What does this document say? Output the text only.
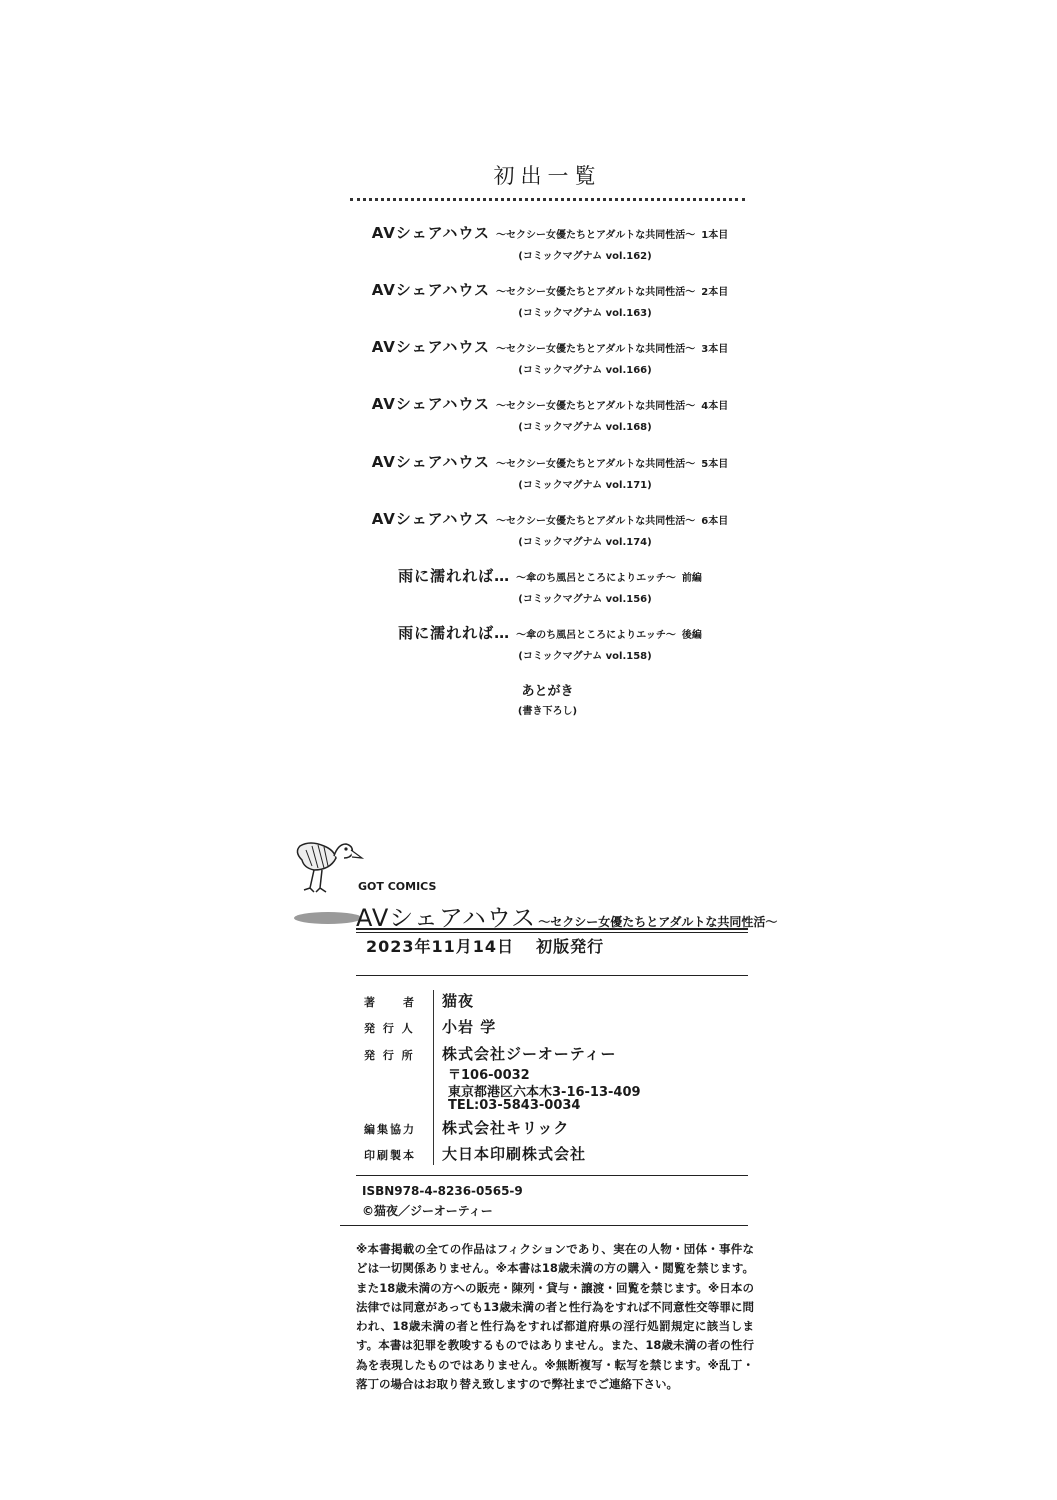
初出一覧
AVシェアハウス ～セクシー女優たちとアダルトな共同性活～ 1本目
(コミックマグナム vol.162)
AVシェアハウス ～セクシー女優たちとアダルトな共同性活～ 2本目
(コミックマグナム vol.163)
AVシェアハウス ～セクシー女優たちとアダルトな共同性活～ 3本目
(コミックマグナム vol.166)
AVシェアハウス ～セクシー女優たちとアダルトな共同性活～ 4本目
(コミックマグナム vol.168)
AVシェアハウス ～セクシー女優たちとアダルトな共同性活～ 5本目
(コミックマグナム vol.171)
AVシェアハウス ～セクシー女優たちとアダルトな共同性活～ 6本目
(コミックマグナム vol.174)
雨に濡れれば… ～傘のち風呂ところによりエッチ～ 前編
(コミックマグナム vol.156)
雨に濡れれば… ～傘のち風呂ところによりエッチ～ 後編
(コミックマグナム vol.158)
あとがき
(書き下ろし)
GOT COMICS
AVシェアハウス ～セクシー女優たちとアダルトな共同性活～
2023年11月14日 初版発行
著　　者	猫夜
発 行 人	小岩 学
発 行 所	株式会社ジーオーティー
〒106-0032
東京都港区六本木3-16-13-409
TEL:03-5843-0034
編集協力	株式会社キリック
印刷製本	大日本印刷株式会社
ISBN978-4-8236-0565-9
©猫夜／ジーオーティー
※本書掲載の全ての作品はフィクションであり、実在の人物・団体・事件などは一切関係ありません。※本書は18歳未満の方の購入・閲覧を禁じます。また18歳未満の方への販売・陳列・貸与・譲渡・回覧を禁じます。※日本の法律では同意があっても13歳未満の者と性行為をすれば不同意性交等罪に問われ、18歳未満の者と性行為をすれば都道府県の淫行処罰規定に該当します。本書は犯罪を教唆するものではありません。また、18歳未満の者の性行為を表現したものではありません。※無断複写・転写を禁じます。※乱丁・落丁の場合はお取り替え致しますので弊社までご連絡下さい。
